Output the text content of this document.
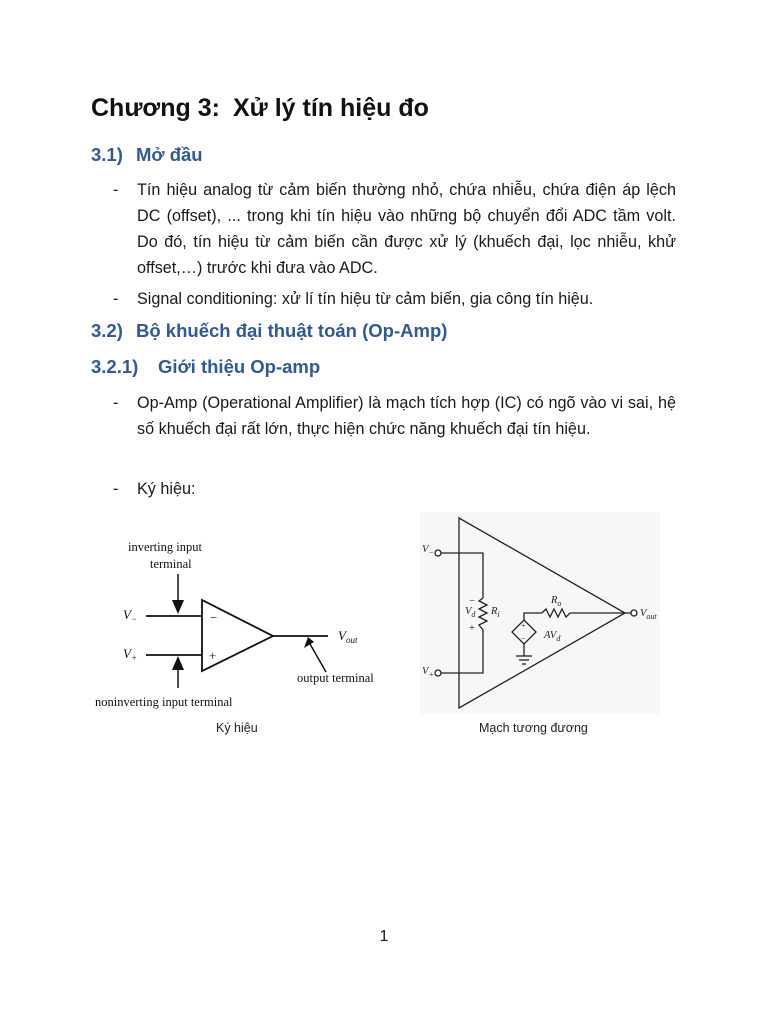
Chương 3: Xử lý tín hiệu đo
3.1) Mở đầu
- Tín hiệu analog từ cảm biến thường nhỏ, chứa nhiễu, chứa điện áp lệch DC (offset), ... trong khi tín hiệu vào những bộ chuyển đổi ADC tầm volt. Do đó, tín hiệu từ cảm biến cần được xử lý (khuếch đại, lọc nhiễu, khử offset,…) trước khi đưa vào ADC.
- Signal conditioning: xử lí tín hiệu từ cảm biến, gia công tín hiệu.
3.2) Bộ khuếch đại thuật toán (Op-Amp)
3.2.1) Giới thiệu Op-amp
- Op-Amp (Operational Amplifier) là mạch tích hợp (IC) có ngõ vào vi sai, hệ số khuếch đại rất lớn, thực hiện chức năng khuếch đại tín hiệu.
- Ký hiệu:
inverting input
terminal
noninverting input terminal
output terminal
−
+
$V_-$
$V_+$
$V_{out}$
$V_-$
$V_+$
−
$V_d$
+
$R_i$
$R_o$
+
− $AV_d$
$V_{out}$
Ký hiệu	Mạch tương đương
1
